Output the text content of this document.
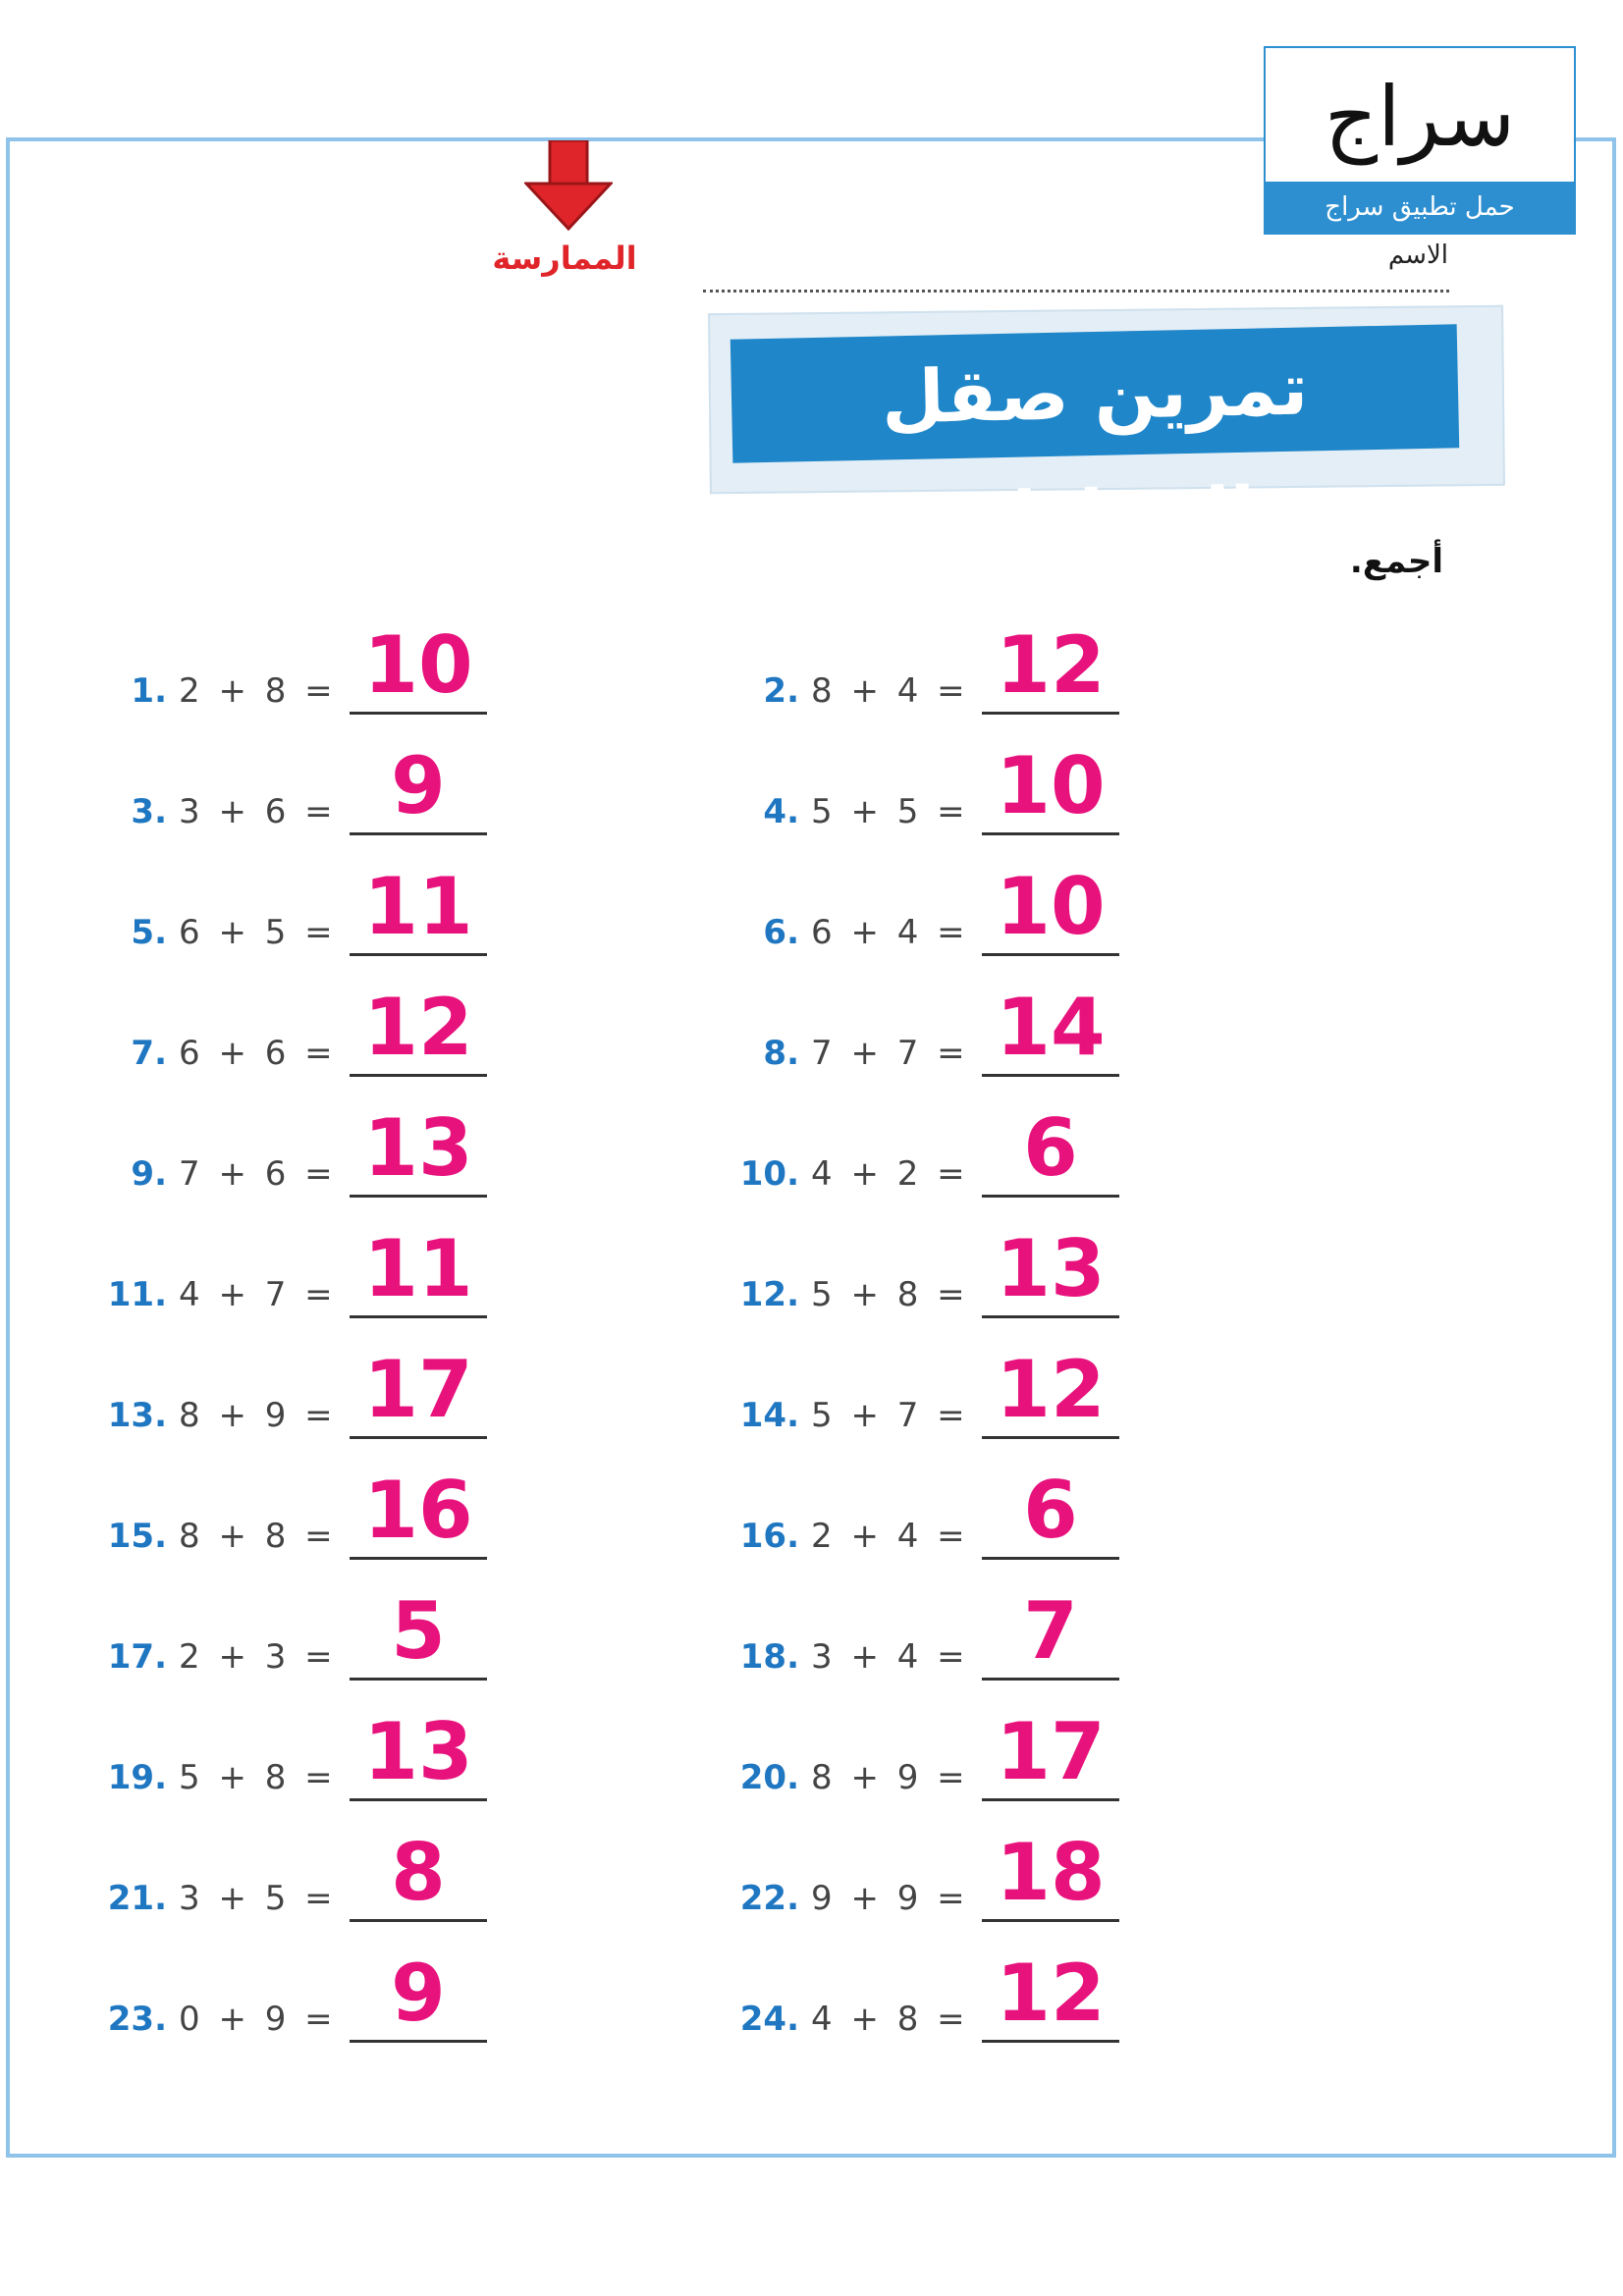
سراج
حمل تطبيق سراج
الممارسة	الاسم
تمرين صقل المهارات	أجمع.
1. 2 + 8 = 10	2. 8 + 4 = 12
3. 3 + 6 = 9	4. 5 + 5 = 10
5. 6 + 5 = 11	6. 6 + 4 = 10
7. 6 + 6 = 12	8. 7 + 7 = 14
9. 7 + 6 = 13	10. 4 + 2 = 6
11. 4 + 7 = 11	12. 5 + 8 = 13
13. 8 + 9 = 17	14. 5 + 7 = 12
15. 8 + 8 = 16	16. 2 + 4 = 6
17. 2 + 3 = 5	18. 3 + 4 = 7
19. 5 + 8 = 13	20. 8 + 9 = 17
21. 3 + 5 = 8	22. 9 + 9 = 18
23. 0 + 9 = 9	24. 4 + 8 = 12
